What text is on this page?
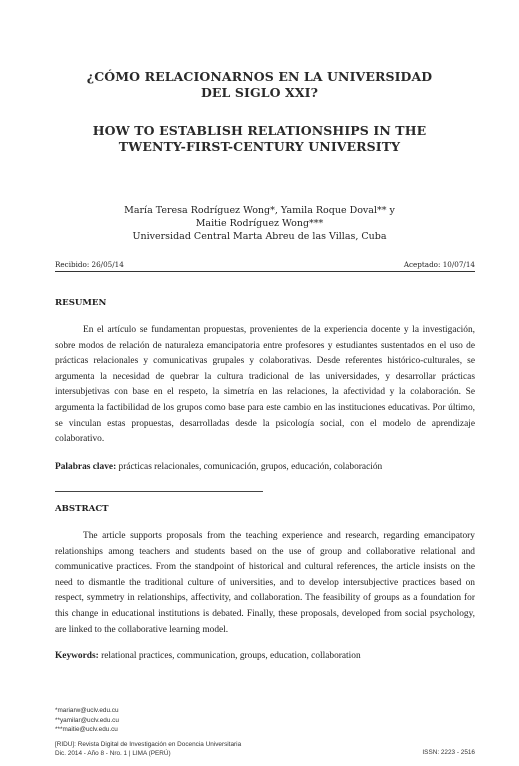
¿CÓMO RELACIONARNOS EN LA UNIVERSIDAD
DEL SIGLO XXI?
HOW TO ESTABLISH RELATIONSHIPS IN THE
TWENTY-FIRST-CENTURY UNIVERSITY
María Teresa Rodríguez Wong*, Yamila Roque Doval** y
Maitie Rodríguez Wong***
Universidad Central Marta Abreu de las Villas, Cuba
Recibido: 26/05/14	Aceptado: 10/07/14
RESUMEN

En el artículo se fundamentan propuestas, provenientes de la experiencia docente y la investigación, sobre modos de relación de naturaleza emancipatoria entre profesores y estudiantes sustentados en el uso de prácticas relacionales y comunicativas grupales y colaborativas. Desde referentes histórico-culturales, se argumenta la necesidad de quebrar la cultura tradicional de las universidades, y desarrollar prácticas intersubjetivas con base en el respeto, la simetría en las relaciones, la afectividad y la colaboración. Se argumenta la factibilidad de los grupos como base para este cambio en las instituciones educativas. Por último, se vinculan estas propuestas, desarrolladas desde la psicología social, con el modelo de aprendizaje colaborativo.

Palabras clave: prácticas relacionales, comunicación, grupos, educación, colaboración
ABSTRACT

The article supports proposals from the teaching experience and research, regarding emancipatory relationships among teachers and students based on the use of group and collaborative relational and communicative practices. From the standpoint of historical and cultural references, the article insists on the need to dismantle the traditional culture of universities, and to develop intersubjective practices based on respect, symmetry in relationships, affectivity, and collaboration. The feasibility of groups as a foundation for this change in educational institutions is debated. Finally, these proposals, developed from social psychology, are linked to the collaborative learning model.

Keywords: relational practices, communication, groups, education, collaboration
*mariarw@uclv.edu.cu
**yamilar@uclv.edu.cu
***maitie@uclv.edu.cu
[RIDU]: Revista Digital de Investigación en Docencia Universitaria
Dic. 2014 - Año 8 - Nro. 1 | LIMA (PERÚ)	ISSN: 2223 - 2516
